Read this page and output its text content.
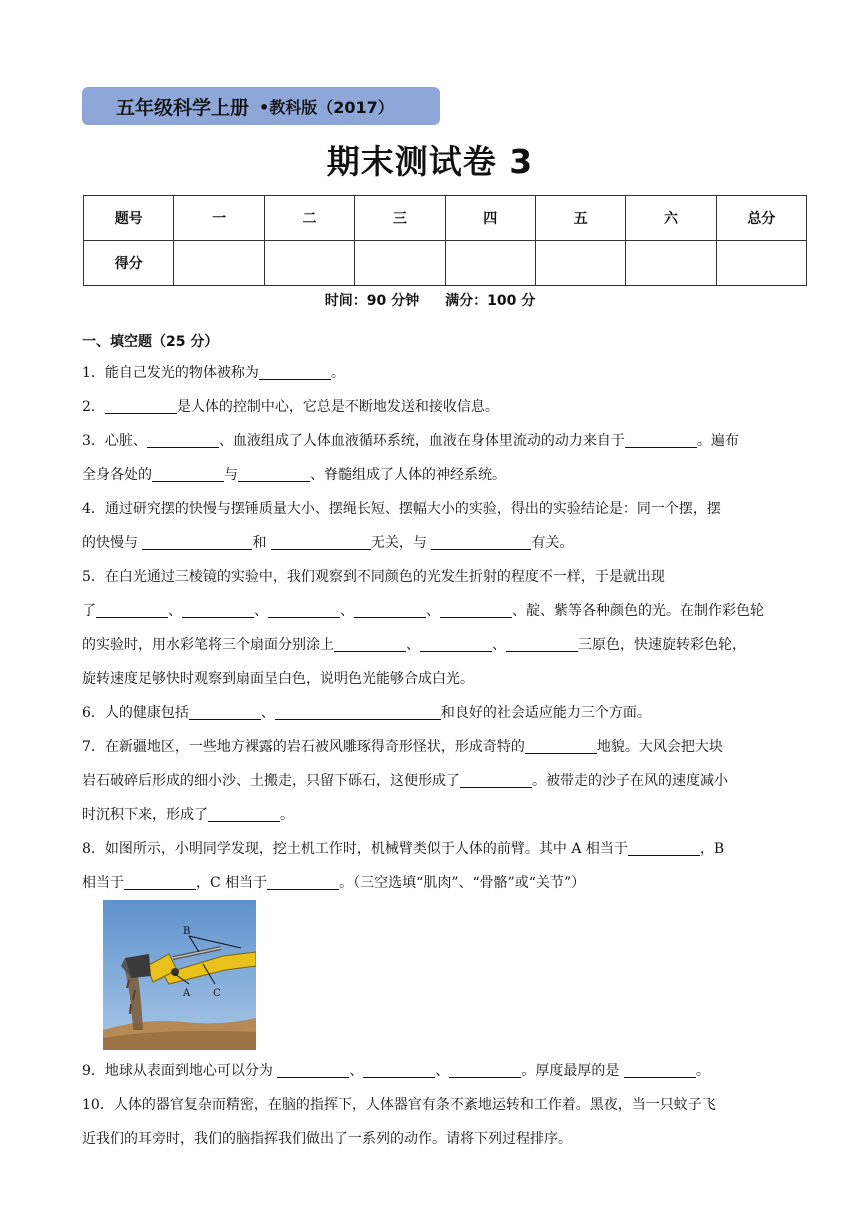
五年级科学上册 •教科版（2017）
期末测试卷 3
题号	一	二	三	四	五	六	总分
得分							
时间：90 分钟 满分：100 分
一、填空题（25 分）
1．能自己发光的物体被称为	。
2．	是人体的控制中心，它总是不断地发送和接收信息。
3．心脏、	、血液组成了人体血液循环系统，血液在身体里流动的动力来自于	。遍布
全身各处的	与	、脊髓组成了人体的神经系统。
4．通过研究摆的快慢与摆锤质量大小、摆绳长短、摆幅大小的实验，得出的实验结论是：同一个摆，摆
的快慢与	和	无关，与	有关。
5．在白光通过三棱镜的实验中，我们观察到不同颜色的光发生折射的程度不一样，于是就出现
了	、	、	、	、	、靛、紫等各种颜色的光。在制作彩色轮
的实验时，用水彩笔将三个扇面分别涂上	、	、	三原色，快速旋转彩色轮，
旋转速度足够快时观察到扇面呈白色，说明色光能够合成白光。
6．人的健康包括	、	和良好的社会适应能力三个方面。
7．在新疆地区，一些地方裸露的岩石被风雕琢得奇形怪状，形成奇特的	地貌。大风会把大块
岩石破碎后形成的细小沙、土搬走，只留下砾石，这便形成了	。被带走的沙子在风的速度减小
时沉积下来，形成了	。
8．如图所示，小明同学发现，挖土机工作时，机械臂类似于人体的前臂。其中 A 相当于	，B
相当于	，C 相当于	。（三空选填“肌肉”、“骨骼”或“关节”）
B
A C
9．地球从表面到地心可以分为	、	、	。厚度最厚的是	。
10．人体的器官复杂而精密，在脑的指挥下，人体器官有条不紊地运转和工作着。黑夜，当一只蚊子飞
近我们的耳旁时，我们的脑指挥我们做出了一系列的动作。请将下列过程排序。
